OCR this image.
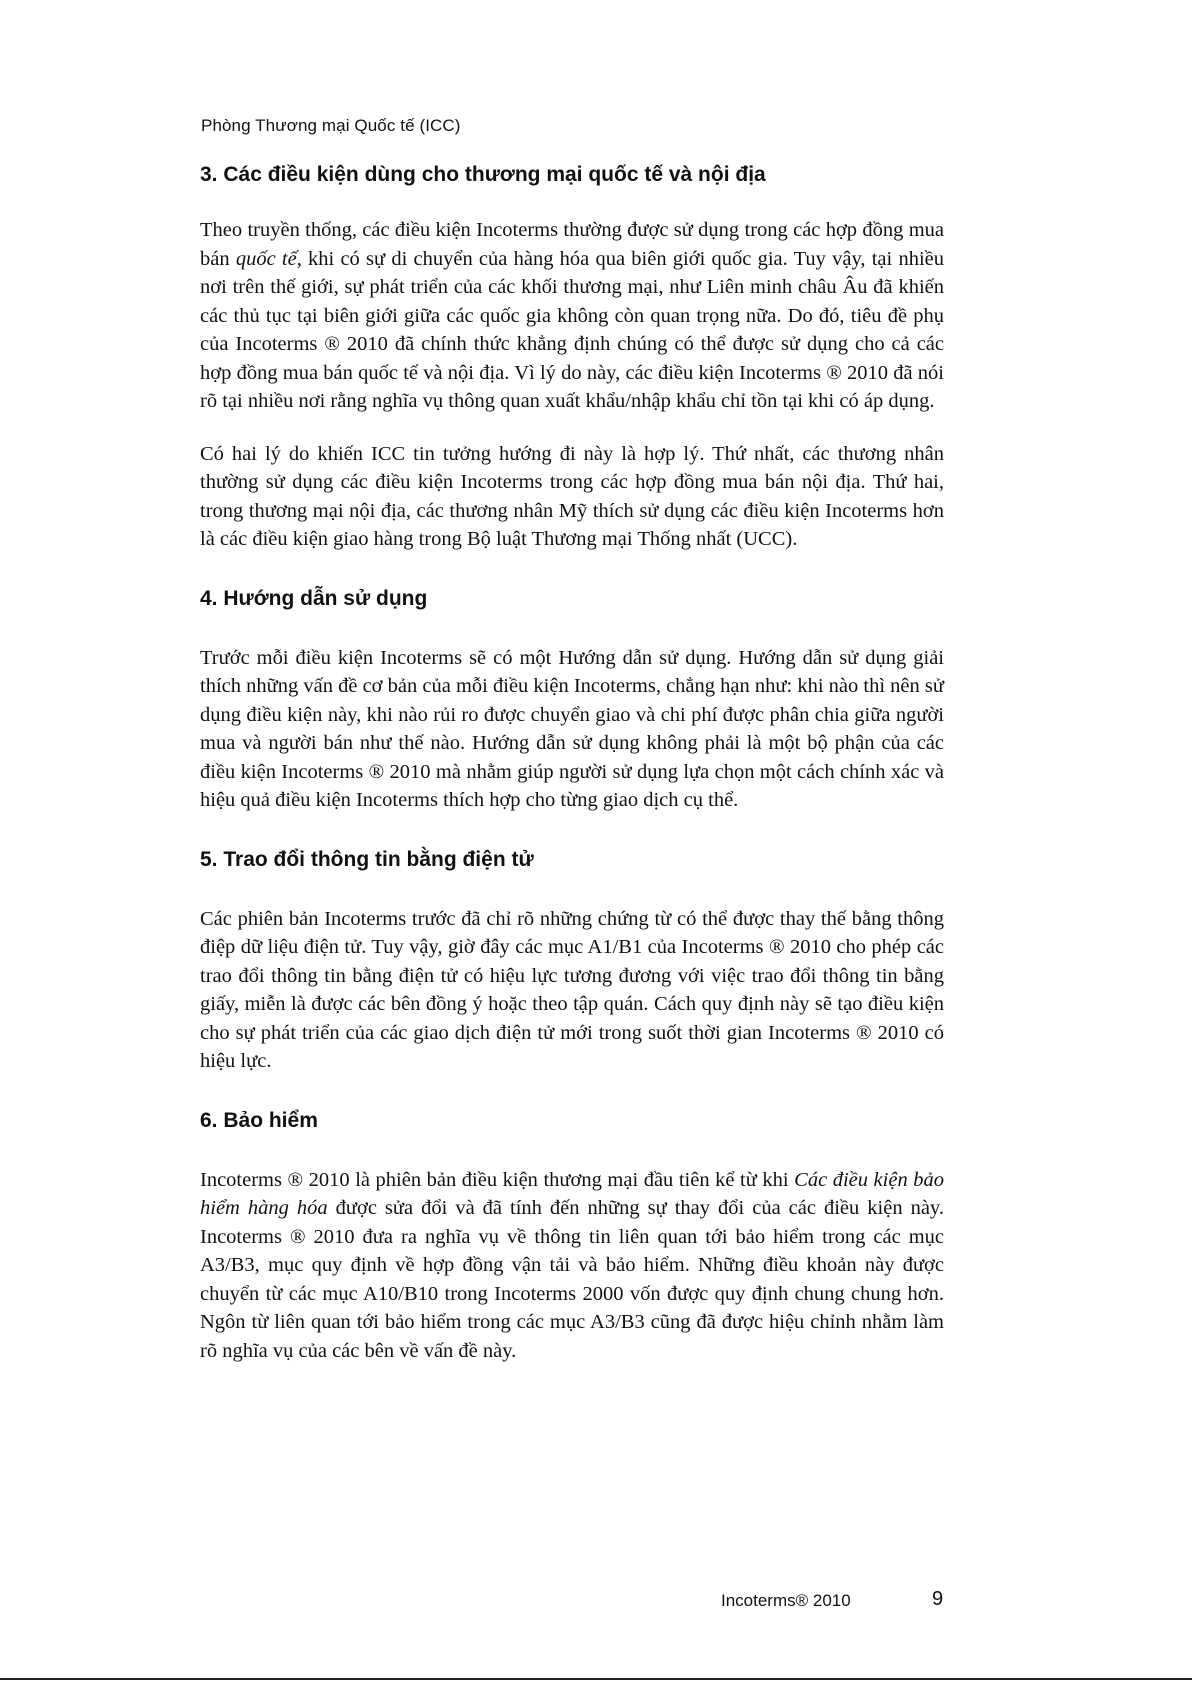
Phòng Thương mại Quốc tế (ICC)
3. Các điều kiện dùng cho thương mại quốc tế và nội địa

Theo truyền thống, các điều kiện Incoterms thường được sử dụng trong các hợp đồng mua bán quốc tế, khi có sự di chuyển của hàng hóa qua biên giới quốc gia. Tuy vậy, tại nhiều nơi trên thế giới, sự phát triển của các khối thương mại, như Liên minh châu Âu đã khiến các thủ tục tại biên giới giữa các quốc gia không còn quan trọng nữa. Do đó, tiêu đề phụ của Incoterms ® 2010 đã chính thức khẳng định chúng có thể được sử dụng cho cả các hợp đồng mua bán quốc tế và nội địa. Vì lý do này, các điều kiện Incoterms ® 2010 đã nói rõ tại nhiều nơi rằng nghĩa vụ thông quan xuất khẩu/nhập khẩu chỉ tồn tại khi có áp dụng.

Có hai lý do khiến ICC tin tưởng hướng đi này là hợp lý. Thứ nhất, các thương nhân thường sử dụng các điều kiện Incoterms trong các hợp đồng mua bán nội địa. Thứ hai, trong thương mại nội địa, các thương nhân Mỹ thích sử dụng các điều kiện Incoterms hơn là các điều kiện giao hàng trong Bộ luật Thương mại Thống nhất (UCC).

4. Hướng dẫn sử dụng

Trước mỗi điều kiện Incoterms sẽ có một Hướng dẫn sử dụng. Hướng dẫn sử dụng giải thích những vấn đề cơ bản của mỗi điều kiện Incoterms, chẳng hạn như: khi nào thì nên sử dụng điều kiện này, khi nào rủi ro được chuyển giao và chi phí được phân chia giữa người mua và người bán như thế nào. Hướng dẫn sử dụng không phải là một bộ phận của các điều kiện Incoterms ® 2010 mà nhằm giúp người sử dụng lựa chọn một cách chính xác và hiệu quả điều kiện Incoterms thích hợp cho từng giao dịch cụ thể.

5. Trao đổi thông tin bằng điện tử

Các phiên bản Incoterms trước đã chỉ rõ những chứng từ có thể được thay thế bằng thông điệp dữ liệu điện tử. Tuy vậy, giờ đây các mục A1/B1 của Incoterms ® 2010 cho phép các trao đổi thông tin bằng điện tử có hiệu lực tương đương với việc trao đổi thông tin bằng giấy, miễn là được các bên đồng ý hoặc theo tập quán. Cách quy định này sẽ tạo điều kiện cho sự phát triển của các giao dịch điện tử mới trong suốt thời gian Incoterms ® 2010 có hiệu lực.

6. Bảo hiểm

Incoterms ® 2010 là phiên bản điều kiện thương mại đầu tiên kể từ khi Các điều kiện bảo hiểm hàng hóa được sửa đổi và đã tính đến những sự thay đổi của các điều kiện này. Incoterms ® 2010 đưa ra nghĩa vụ về thông tin liên quan tới bảo hiểm trong các mục A3/B3, mục quy định về hợp đồng vận tải và bảo hiểm. Những điều khoản này được chuyển từ các mục A10/B10 trong Incoterms 2000 vốn được quy định chung chung hơn. Ngôn từ liên quan tới bảo hiểm trong các mục A3/B3 cũng đã được hiệu chỉnh nhằm làm rõ nghĩa vụ của các bên về vấn đề này.

Incoterms® 2010	9
